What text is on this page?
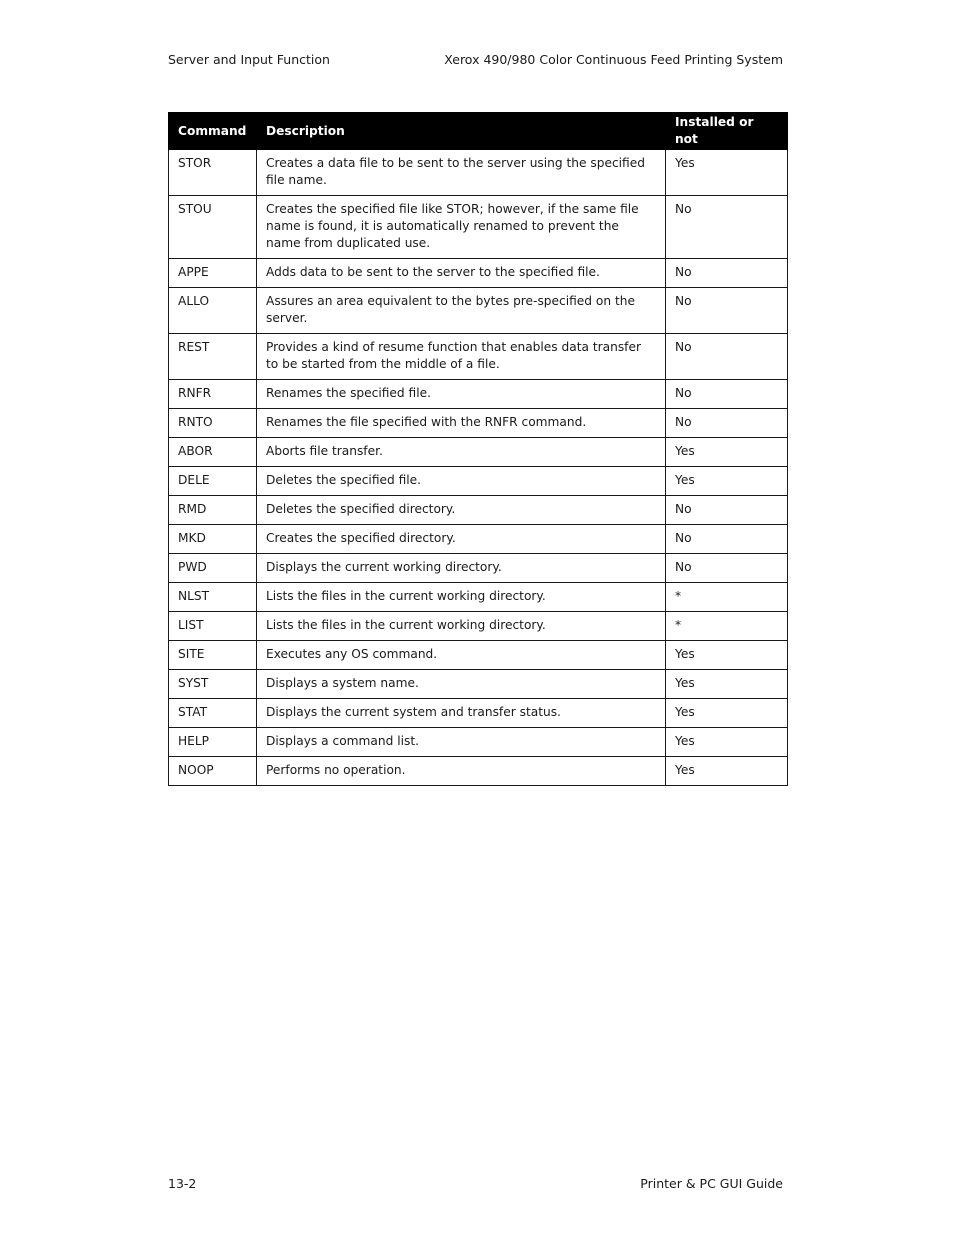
Server and Input Function	Xerox 490/980 Color Continuous Feed Printing System
Command	Description	Installed or not
STOR	Creates a data file to be sent to the server using the specified file name.	Yes
STOU	Creates the specified file like STOR; however, if the same file name is found, it is automatically renamed to prevent the name from duplicated use.	No
APPE	Adds data to be sent to the server to the specified file.	No
ALLO	Assures an area equivalent to the bytes pre-specified on the server.	No
REST	Provides a kind of resume function that enables data transfer to be started from the middle of a file.	No
RNFR	Renames the specified file.	No
RNTO	Renames the file specified with the RNFR command.	No
ABOR	Aborts file transfer.	Yes
DELE	Deletes the specified file.	Yes
RMD	Deletes the specified directory.	No
MKD	Creates the specified directory.	No
PWD	Displays the current working directory.	No
NLST	Lists the files in the current working directory.	*
LIST	Lists the files in the current working directory.	*
SITE	Executes any OS command.	Yes
SYST	Displays a system name.	Yes
STAT	Displays the current system and transfer status.	Yes
HELP	Displays a command list.	Yes
NOOP	Performs no operation.	Yes
13-2	Printer & PC GUI Guide
